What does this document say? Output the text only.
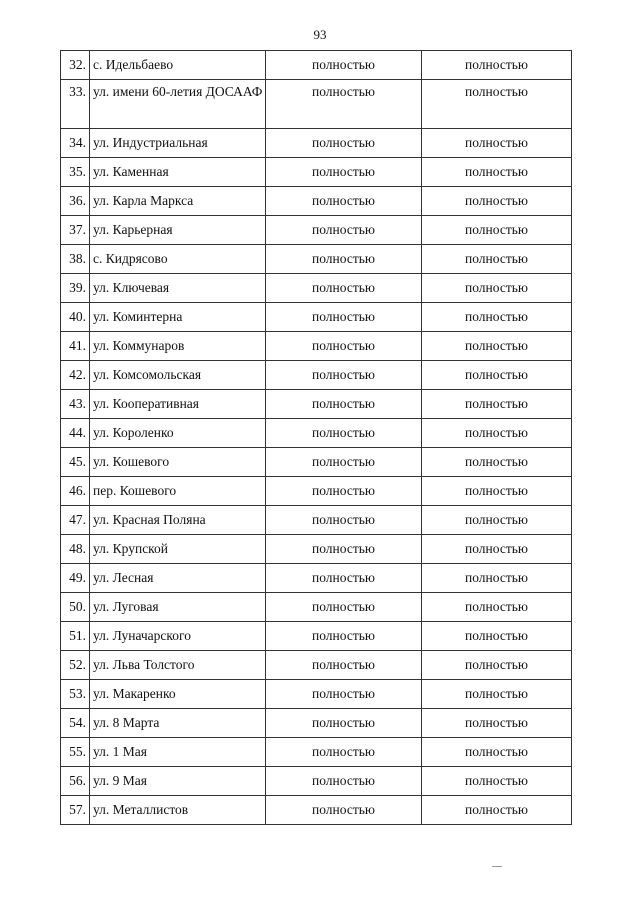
93
32.	с. Идельбаево	полностью	полностью
33.	ул. имени 60-летия ДОСААФ	полностью	полностью
34.	ул. Индустриальная	полностью	полностью
35.	ул. Каменная	полностью	полностью
36.	ул. Карла Маркса	полностью	полностью
37.	ул. Карьерная	полностью	полностью
38.	с. Кидрясово	полностью	полностью
39.	ул. Ключевая	полностью	полностью
40.	ул. Коминтерна	полностью	полностью
41.	ул. Коммунаров	полностью	полностью
42.	ул. Комсомольская	полностью	полностью
43.	ул. Кооперативная	полностью	полностью
44.	ул. Короленко	полностью	полностью
45.	ул. Кошевого	полностью	полностью
46.	пер. Кошевого	полностью	полностью
47.	ул. Красная Поляна	полностью	полностью
48.	ул. Крупской	полностью	полностью
49.	ул. Лесная	полностью	полностью
50.	ул. Луговая	полностью	полностью
51.	ул. Луначарского	полностью	полностью
52.	ул. Льва Толстого	полностью	полностью
53.	ул. Макаренко	полностью	полностью
54.	ул. 8 Марта	полностью	полностью
55.	ул. 1 Мая	полностью	полностью
56.	ул. 9 Мая	полностью	полностью
57.	ул. Металлистов	полностью	полностью
